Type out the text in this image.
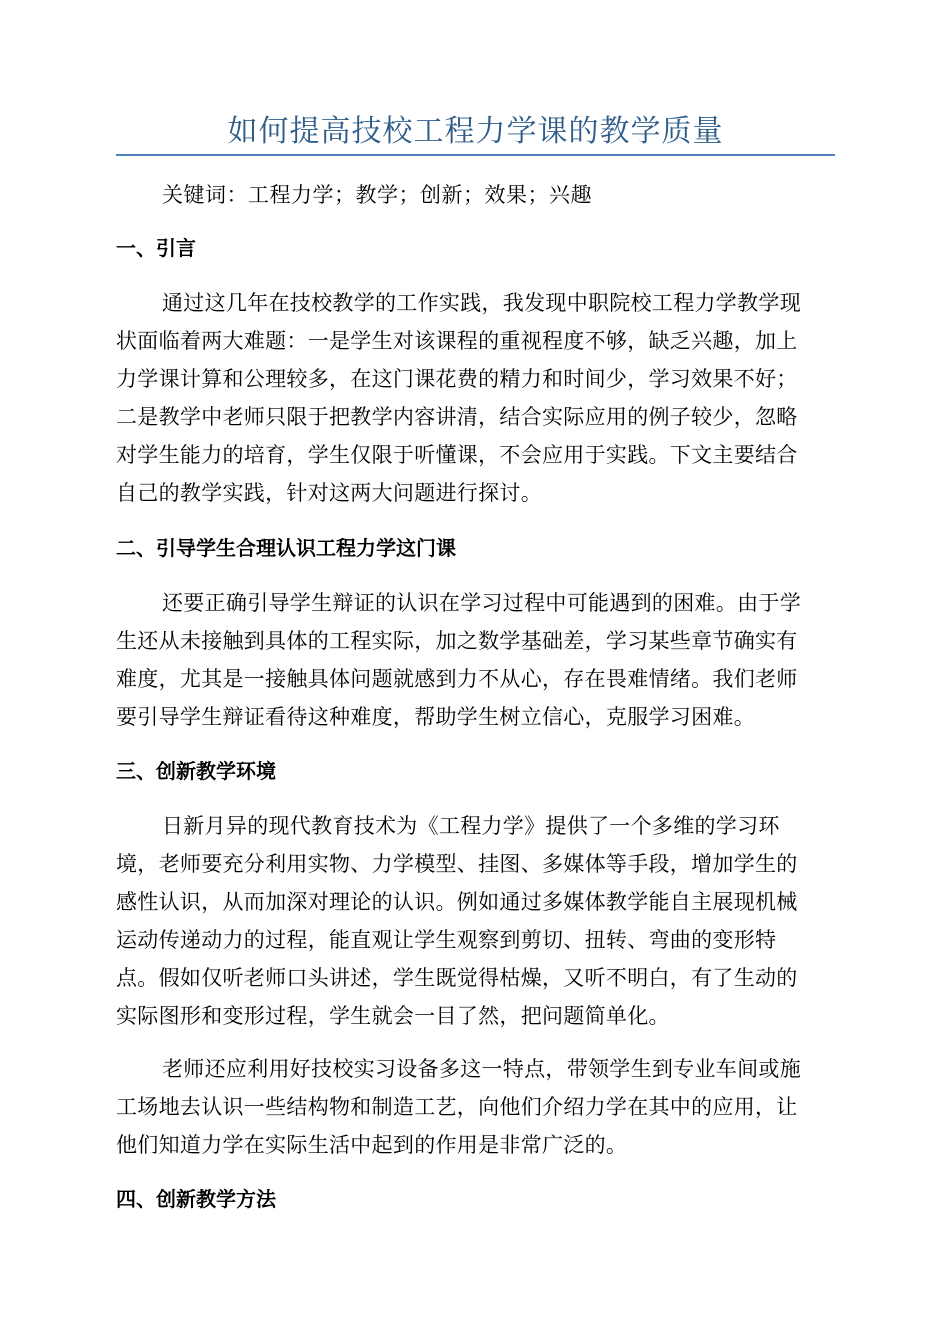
如何提高技校工程力学课的教学质量
关键词：工程力学；教学；创新；效果；兴趣
一、引言
通过这几年在技校教学的工作实践，我发现中职院校工程力学教学现
状面临着两大难题：一是学生对该课程的重视程度不够，缺乏兴趣，加上
力学课计算和公理较多，在这门课花费的精力和时间少，学习效果不好；
二是教学中老师只限于把教学内容讲清，结合实际应用的例子较少，忽略
对学生能力的培育，学生仅限于听懂课，不会应用于实践。下文主要结合
自己的教学实践，针对这两大问题进行探讨。
二、引导学生合理认识工程力学这门课
还要正确引导学生辩证的认识在学习过程中可能遇到的困难。由于学
生还从未接触到具体的工程实际，加之数学基础差，学习某些章节确实有
难度，尤其是一接触具体问题就感到力不从心，存在畏难情绪。我们老师
要引导学生辩证看待这种难度，帮助学生树立信心，克服学习困难。
三、创新教学环境
日新月异的现代教育技术为《工程力学》提供了一个多维的学习环
境，老师要充分利用实物、力学模型、挂图、多媒体等手段，增加学生的
感性认识，从而加深对理论的认识。例如通过多媒体教学能自主展现机械
运动传递动力的过程，能直观让学生观察到剪切、扭转、弯曲的变形特
点。假如仅听老师口头讲述，学生既觉得枯燥，又听不明白，有了生动的
实际图形和变形过程，学生就会一目了然，把问题简单化。
老师还应利用好技校实习设备多这一特点，带领学生到专业车间或施
工场地去认识一些结构物和制造工艺，向他们介绍力学在其中的应用，让
他们知道力学在实际生活中起到的作用是非常广泛的。
四、创新教学方法
